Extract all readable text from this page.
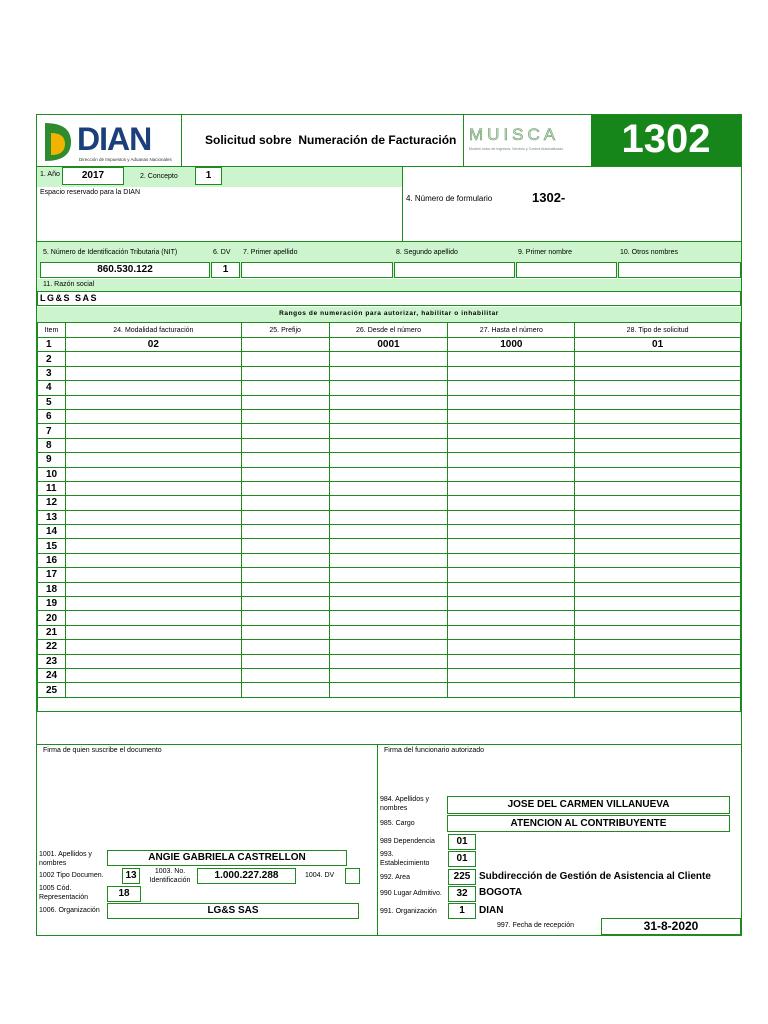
DIAN
Dirección de Impuestos y Aduanas Nacionales
Solicitud sobre  Numeración de Facturación MUISCA
Modelo único de Ingresos, Servicio y Control Automatizado	1302
1. Año	2017	2. Concepto	1
Espacio reservado para la DIAN
4. Número de formulario	1302-
5. Número de Identificación Tributaria (NIT)	6. DV 7. Primer apellido	8. Segundo apellido	9. Primer nombre	10. Otros nombres
860.530.122	1
11. Razón social
LG&S SAS
Rangos de numeración para autorizar, habilitar o inhabilitar
Item	24. Modalidad facturación	25. Prefijo	26. Desde el número	27. Hasta el número	28. Tipo de solicitud
1	02		0001	1000	01
2					
3					
4					
5					
6					
7					
8					
9					
10					
11					
12					
13					
14					
15					
16					
17					
18					
19					
20					
21					
22					
23					
24					
25					

Firma de quien suscribe el documento	Firma del funcionario autorizado
1001. Apellidos y nombres
ANGIE GABRIELA CASTRELLON
1002 Tipo Documen.	13	1003. No. Identificación	1.000.227.288	1004. DV
1005 Cód. Representación	18
1006. Organización	LG&S SAS
984. Apellidos y nombres	JOSE DEL CARMEN VILLANUEVA
985. Cargo	ATENCION AL CONTRIBUYENTE
989 Dependencia	01
993. Establecimiento	01
992. Area	225 Subdirección de Gestión de Asistencia al Cliente
990 Lugar Admitivo.	32	BOGOTA
991. Organización	1	DIAN
997. Fecha de recepción	31-8-2020
